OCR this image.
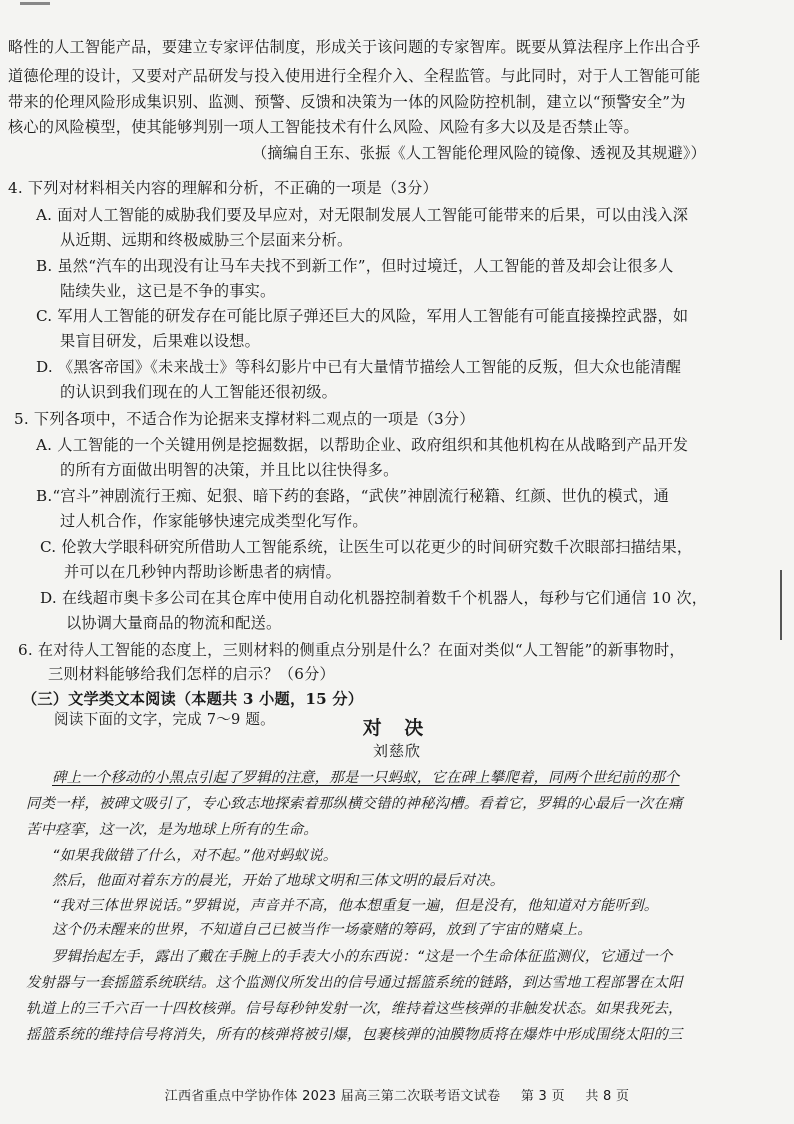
略性的人工智能产品，要建立专家评估制度，形成关于该问题的专家智库。既要从算法程序上作出合乎
道德伦理的设计，又要对产品研发与投入使用进行全程介入、全程监管。与此同时，对于人工智能可能
带来的伦理风险形成集识别、监测、预警、反馈和决策为一体的风险防控机制，建立以“预警安全”为
核心的风险模型，使其能够判别一项人工智能技术有什么风险、风险有多大以及是否禁止等。
（摘编自王东、张振《人工智能伦理风险的镜像、透视及其规避》）
4. 下列对材料相关内容的理解和分析，不正确的一项是（3分）
A. 面对人工智能的威胁我们要及早应对，对无限制发展人工智能可能带来的后果，可以由浅入深
从近期、远期和终极威胁三个层面来分析。
B. 虽然“汽车的出现没有让马车夫找不到新工作”，但时过境迁，人工智能的普及却会让很多人
陆续失业，这已是不争的事实。
C. 军用人工智能的研发存在可能比原子弹还巨大的风险，军用人工智能有可能直接操控武器，如
果盲目研发，后果难以设想。
D. 《黑客帝国》《未来战士》等科幻影片中已有大量情节描绘人工智能的反叛，但大众也能清醒
的认识到我们现在的人工智能还很初级。
5. 下列各项中，不适合作为论据来支撑材料二观点的一项是（3分）
A. 人工智能的一个关键用例是挖掘数据，以帮助企业、政府组织和其他机构在从战略到产品开发
的所有方面做出明智的决策，并且比以往快得多。
B.“宫斗”神剧流行王痴、妃狠、暗下药的套路，“武侠”神剧流行秘籍、红颜、世仇的模式，通
过人机合作，作家能够快速完成类型化写作。
C. 伦敦大学眼科研究所借助人工智能系统，让医生可以花更少的时间研究数千次眼部扫描结果，
并可以在几秒钟内帮助诊断患者的病情。
D. 在线超市奥卡多公司在其仓库中使用自动化机器控制着数千个机器人，每秒与它们通信 10 次，
以协调大量商品的物流和配送。
6. 在对待人工智能的态度上，三则材料的侧重点分别是什么？在面对类似“人工智能”的新事物时，
三则材料能够给我们怎样的启示？（6分）
（三）文学类文本阅读（本题共 3 小题，15 分）
阅读下面的文字，完成 7～9 题。	对 决
刘慈欣
碑上一个移动的小黑点引起了罗辑的注意，那是一只蚂蚁，它在碑上攀爬着，同两个世纪前的那个
同类一样，被碑文吸引了，专心致志地探索着那纵横交错的神秘沟槽。看着它，罗辑的心最后一次在痛
苦中痉挛，这一次，是为地球上所有的生命。
“如果我做错了什么，对不起。”他对蚂蚁说。
然后，他面对着东方的晨光，开始了地球文明和三体文明的最后对决。
“我对三体世界说话。”罗辑说，声音并不高，他本想重复一遍，但是没有，他知道对方能听到。
这个仍未醒来的世界，不知道自己已被当作一场豪赌的筹码，放到了宇宙的赌桌上。
罗辑抬起左手，露出了戴在手腕上的手表大小的东西说：“这是一个生命体征监测仪，它通过一个
发射器与一套摇篮系统联结。这个监测仪所发出的信号通过摇篮系统的链路，到达雪地工程部署在太阳
轨道上的三千六百一十四枚核弹。信号每秒钟发射一次，维持着这些核弹的非触发状态。如果我死去，
摇篮系统的维持信号将消失，所有的核弹将被引爆，包裹核弹的油膜物质将在爆炸中形成围绕太阳的三
江西省重点中学协作体 2023 届高三第二次联考语文试卷 第 3 页 共 8 页
